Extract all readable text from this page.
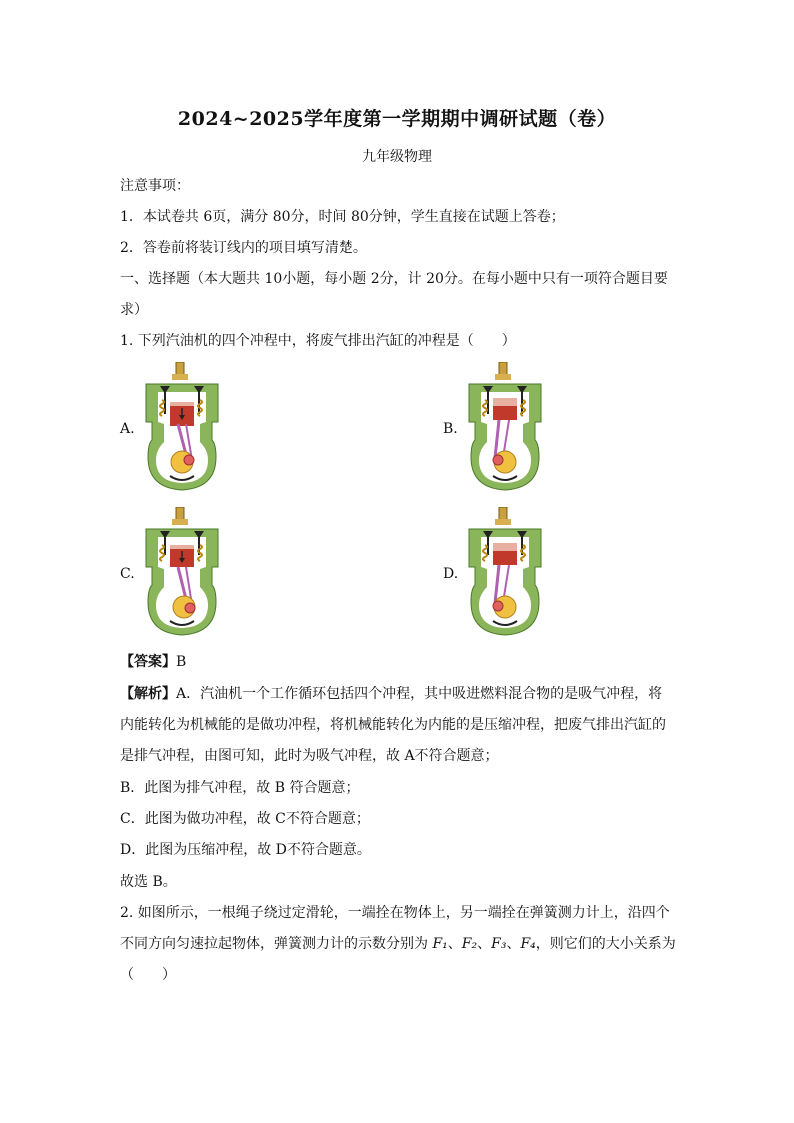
2024~2025学年度第一学期期中调研试题（卷）
九年级物理
注意事项：
1．本试卷共 6页，满分 80分，时间 80分钟，学生直接在试题上答卷；
2．答卷前将装订线内的项目填写清楚。
一、选择题（本大题共 10小题，每小题 2分，计 20分。在每小题中只有一项符合题目要
求）
1. 下列汽油机的四个冲程中，将废气排出汽缸的冲程是（　　）
A.	B.
C.	D.
【答案】B
【解析】A．汽油机一个工作循环包括四个冲程，其中吸进燃料混合物的是吸气冲程，将
内能转化为机械能的是做功冲程，将机械能转化为内能的是压缩冲程，把废气排出汽缸的
是排气冲程，由图可知，此时为吸气冲程，故 A不符合题意；
B．此图为排气冲程，故 B 符合题意；
C．此图为做功冲程，故 C不符合题意；
D．此图为压缩冲程，故 D不符合题意。
故选 B。
2. 如图所示，一根绳子绕过定滑轮，一端拴在物体上，另一端拴在弹簧测力计上，沿四个
不同方向匀速拉起物体，弹簧测力计的示数分别为 F₁、F₂、F₃、F₄，则它们的大小关系为
（　　）
